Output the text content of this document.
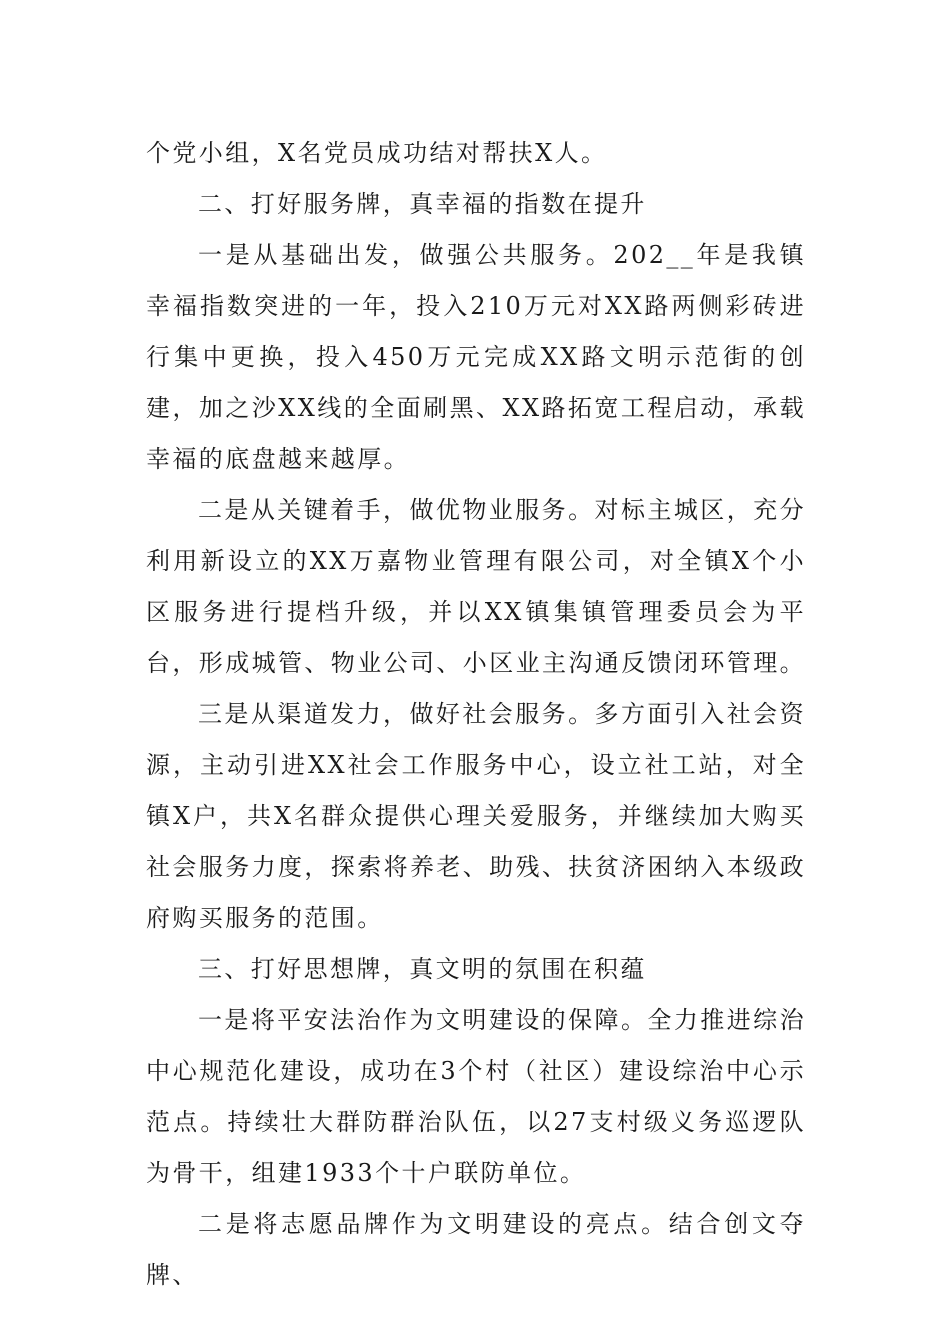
个党小组，X名党员成功结对帮扶X人。

二、打好服务牌，真幸福的指数在提升

一是从基础出发，做强公共服务。202__年是我镇幸福指数突进的一年，投入210万元对XX路两侧彩砖进行集中更换，投入450万元完成XX路文明示范街的创建，加之沙XX线的全面刷黑、XX路拓宽工程启动，承载幸福的底盘越来越厚。

二是从关键着手，做优物业服务。对标主城区，充分利用新设立的XX万嘉物业管理有限公司，对全镇X个小区服务进行提档升级，并以XX镇集镇管理委员会为平台，形成城管、物业公司、小区业主沟通反馈闭环管理。

三是从渠道发力，做好社会服务。多方面引入社会资源，主动引进XX社会工作服务中心，设立社工站，对全镇X户，共X名群众提供心理关爱服务，并继续加大购买社会服务力度，探索将养老、助残、扶贫济困纳入本级政府购买服务的范围。

三、打好思想牌，真文明的氛围在积蕴

一是将平安法治作为文明建设的保障。全力推进综治中心规范化建设，成功在3个村（社区）建设综治中心示范点。持续壮大群防群治队伍，以27支村级义务巡逻队为骨干，组建1933个十户联防单位。

二是将志愿品牌作为文明建设的亮点。结合创文夺牌、
